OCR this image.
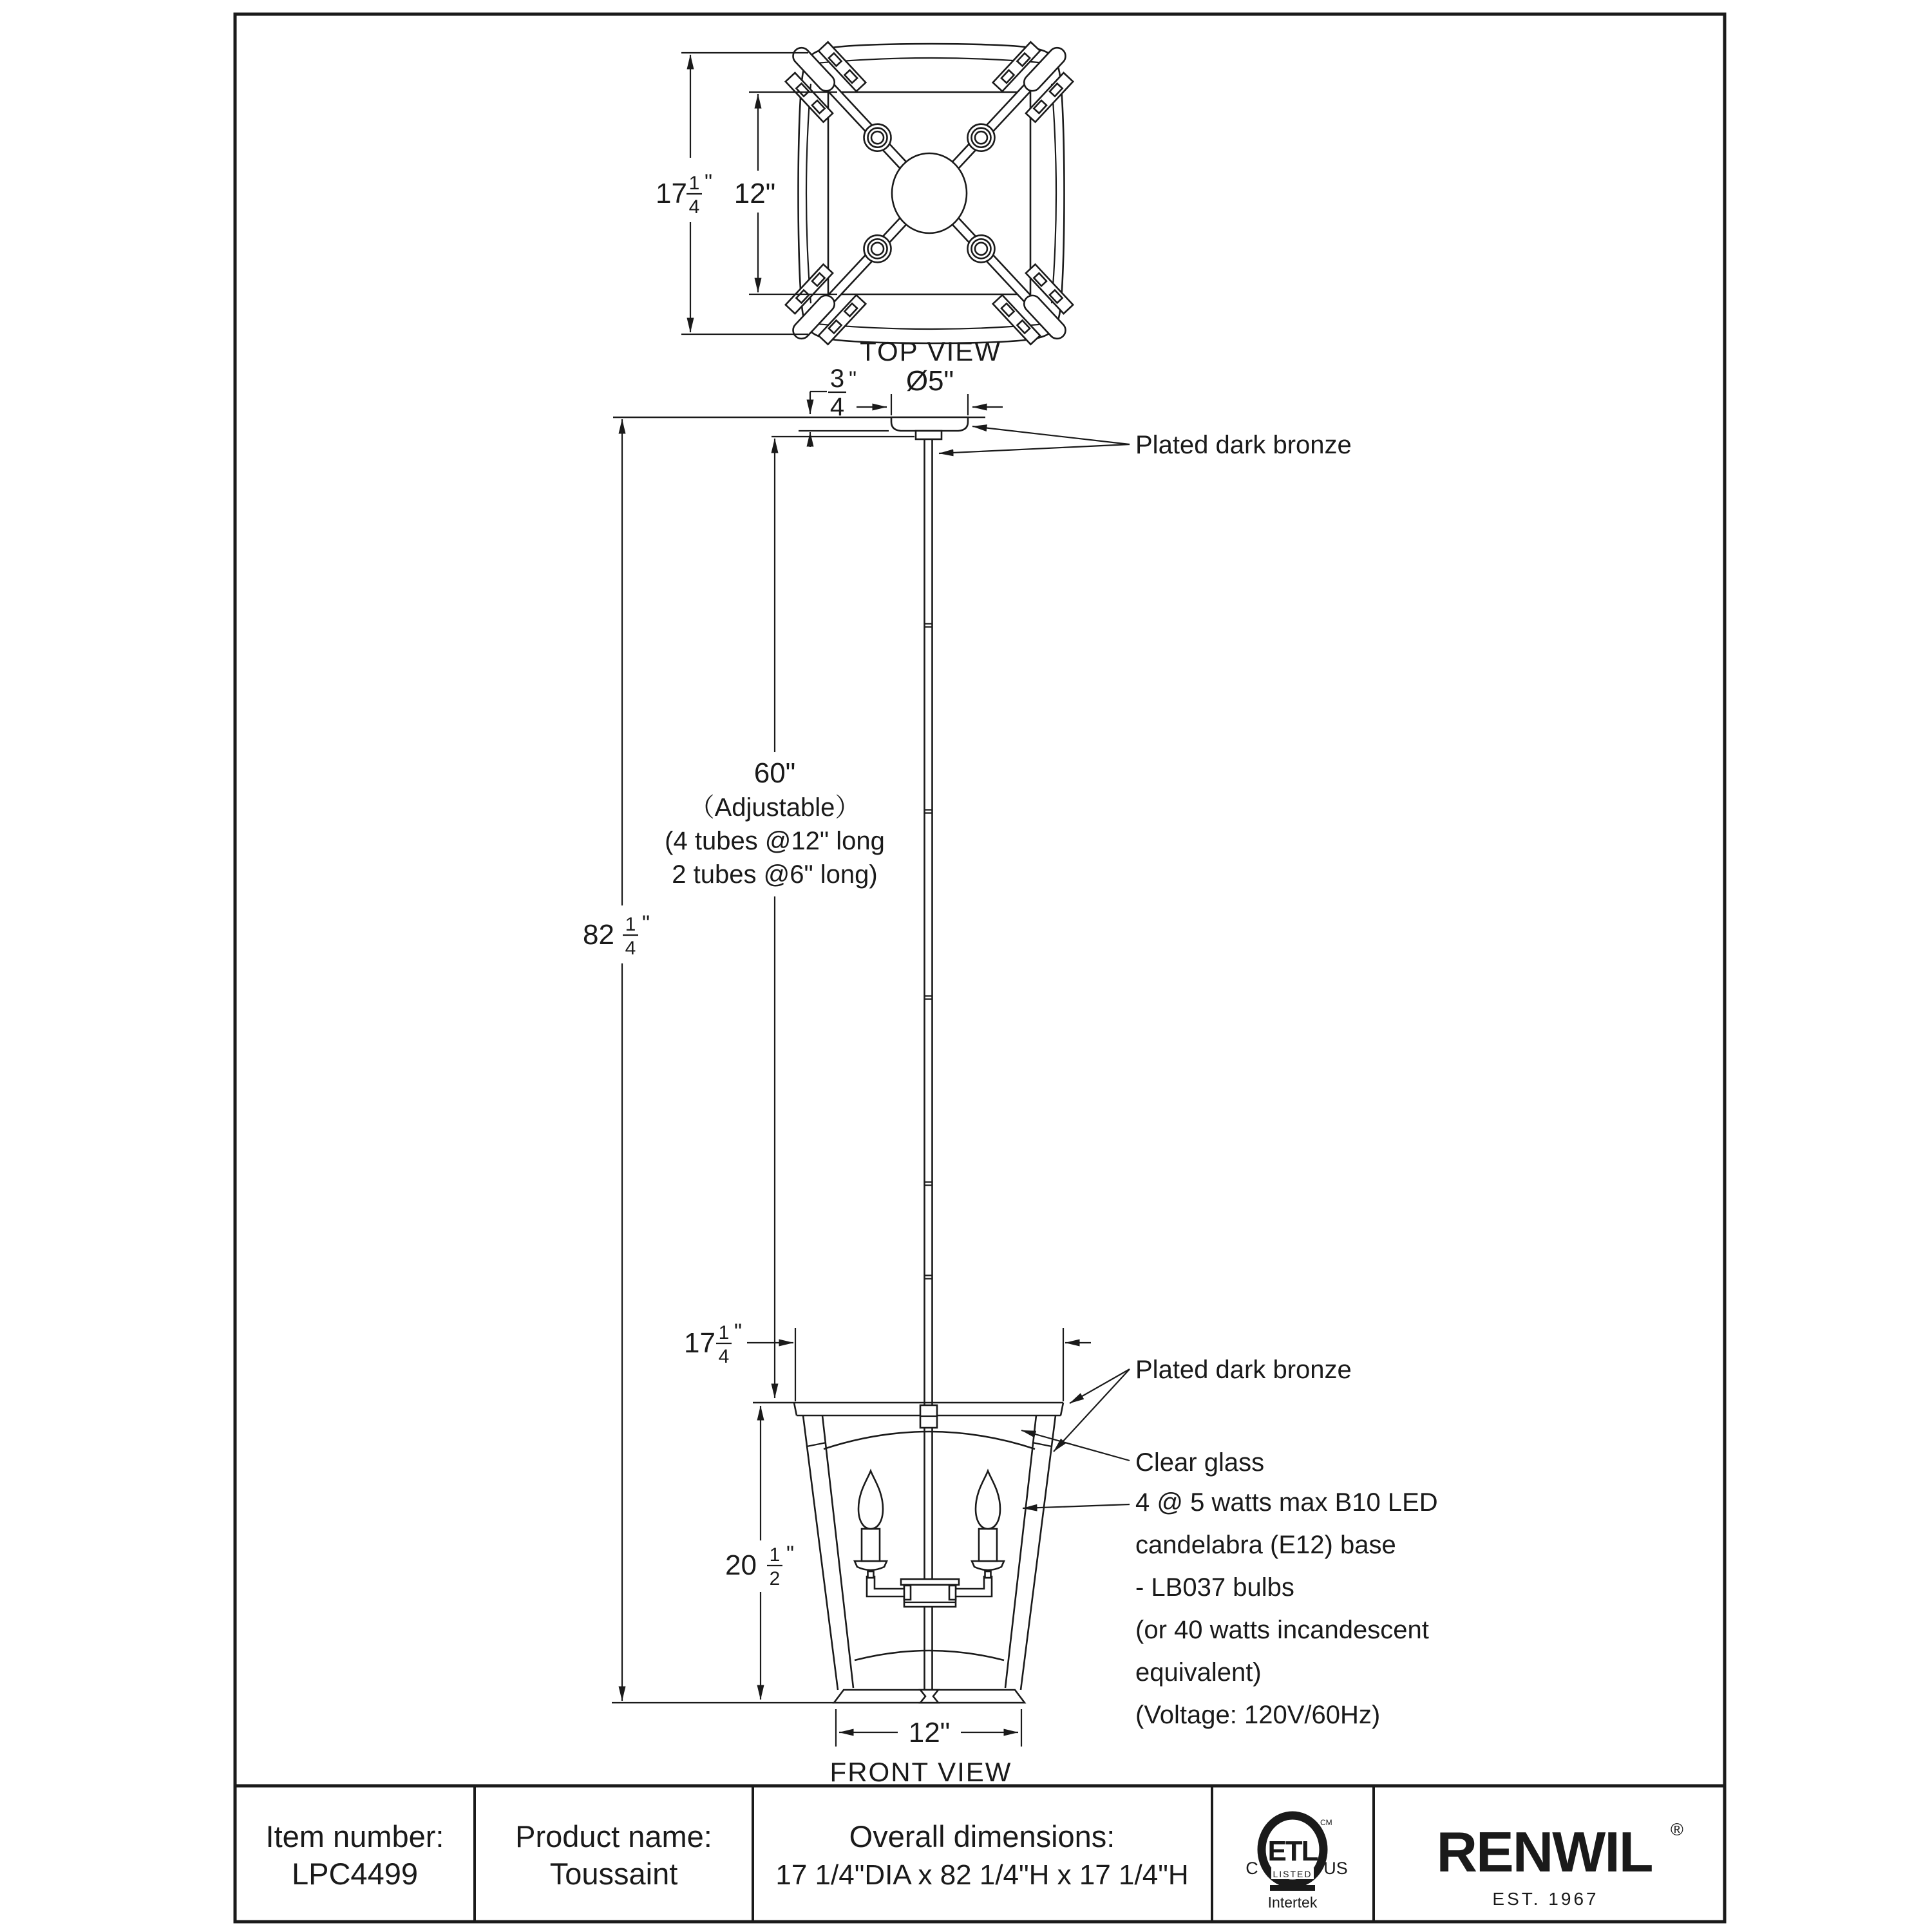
17 1
4
" 12"
TOP VIEW
3
4
" Ø5"
60"
（Adjustable）
(4 tubes @12" long
2 tubes @6" long)
82 1
4
"
17 1
4
"
20 1
2
"
12"
FRONT VIEW
Plated dark bronze
Plated dark bronze
Clear glass
4 @ 5 watts max B10 LED
candelabra (E12) base
- LB037 bulbs
(or 40 watts incandescent
equivalent)
(Voltage: 120V/60Hz)
Item number:
LPC4499
Product name:
Toussaint
Overall dimensions:
17 1/4"DIA x 82 1/4"H x 17 1/4"H
ETL
LISTED
C	US
CM
Intertek
RENWIL ®
EST. 1967
